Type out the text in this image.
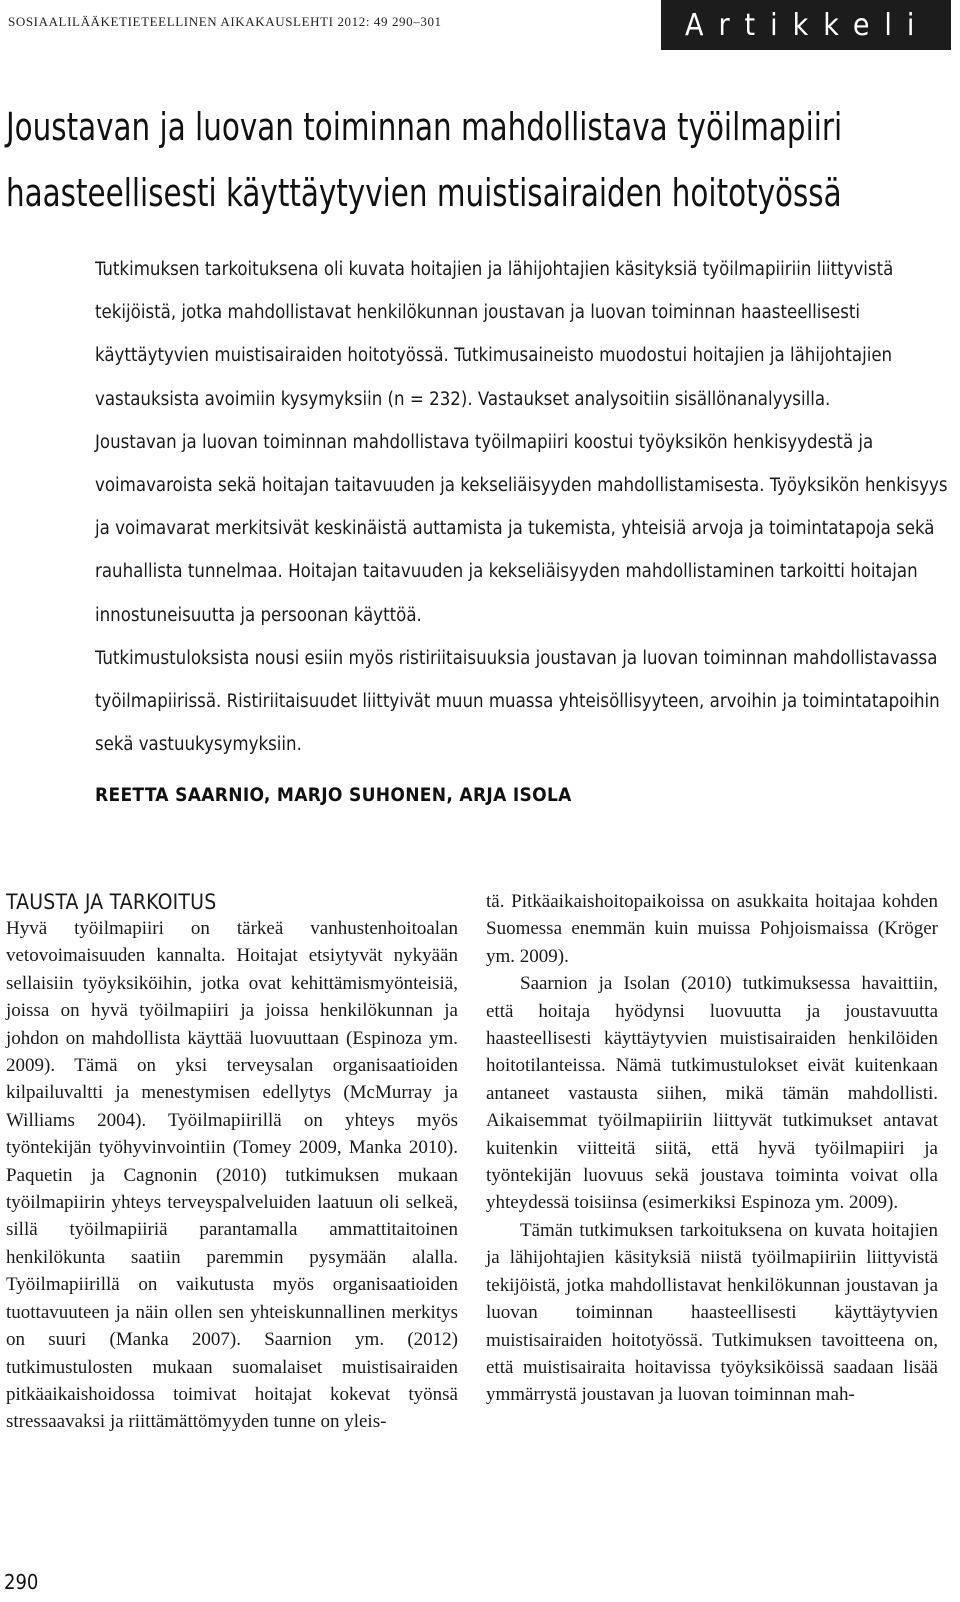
SOSIAALILÄÄKETIETEELLINEN AIKAKAUSLEHTI 2012: 49 290–301	Artikkeli
Joustavan ja luovan toiminnan mahdollistava työilmapiiri haasteellisesti käyttäytyvien muistisairaiden hoitotyössä

Tutkimuksen tarkoituksena oli kuvata hoitajien ja lähijohtajien käsityksiä työilmapiiriin liittyvistä tekijöistä, jotka mahdollistavat henkilökunnan joustavan ja luovan toiminnan haasteellisesti käyttäytyvien muistisairaiden hoitotyössä. Tutkimusaineisto muodostui hoitajien ja lähijohtajien vastauksista avoimiin kysymyksiin (n = 232). Vastaukset analysoitiin sisällönanalyysilla.

Joustavan ja luovan toiminnan mahdollistava työilmapiiri koostui työyksikön henkisyydestä ja voimavaroista sekä hoitajan taitavuuden ja kekseliäisyyden mahdollistamisesta. Työyksikön henkisyys ja voimavarat merkitsivät keskinäistä auttamista ja tukemista, yhteisiä arvoja ja toimintatapoja sekä rauhallista tunnelmaa. Hoitajan taitavuuden ja kekseliäisyyden mahdollistaminen tarkoitti hoitajan innostuneisuutta ja persoonan käyttöä.

Tutkimustuloksista nousi esiin myös ristiriitaisuuksia joustavan ja luovan toiminnan mahdollistavassa työilmapiirissä. Ristiriitaisuudet liittyivät muun muassa yhteisöllisyyteen, arvoihin ja toimintatapoihin sekä vastuukysymyksiin.

REETTA SAARNIO, MARJO SUHONEN, ARJA ISOLA
TAUSTA JA TARKOITUS

Hyvä työilmapiiri on tärkeä vanhustenhoitoalan vetovoimaisuuden kannalta. Hoitajat etsiytyvät nykyään sellaisiin työyksiköihin, jotka ovat kehittämismyönteisiä, joissa on hyvä työilmapiiri ja joissa henkilökunnan ja johdon on mahdollista käyttää luovuuttaan (Espinoza ym. 2009). Tämä on yksi terveysalan organisaatioiden kilpailuvaltti ja menestymisen edellytys (McMurray ja Williams 2004). Työilmapiirillä on yhteys myös työntekijän työhyvinvointiin (Tomey 2009, Manka 2010). Paquetin ja Cagnonin (2010) tutkimuksen mukaan työilmapiirin yhteys terveyspalveluiden laatuun oli selkeä, sillä työilmapiiriä parantamalla ammattitaitoinen henkilökunta saatiin paremmin pysymään alalla. Työilmapiirillä on vaikutusta myös organisaatioiden tuottavuuteen ja näin ollen sen yhteiskunnallinen merkitys on suuri (Manka 2007). Saarnion ym. (2012) tutkimustulosten mukaan suomalaiset muistisairaiden pitkäaikaishoidossa toimivat hoitajat kokevat työnsä stressaavaksi ja riittämättömyyden tunne on yleis-

tä. Pitkäaikaishoitopaikoissa on asukkaita hoitajaa kohden Suomessa enemmän kuin muissa Pohjoismaissa (Kröger ym. 2009).

Saarnion ja Isolan (2010) tutkimuksessa havaittiin, että hoitaja hyödynsi luovuutta ja joustavuutta haasteellisesti käyttäytyvien muistisairaiden henkilöiden hoitotilanteissa. Nämä tutkimustulokset eivät kuitenkaan antaneet vastausta siihen, mikä tämän mahdollisti. Aikaisemmat työilmapiiriin liittyvät tutkimukset antavat kuitenkin viitteitä siitä, että hyvä työilmapiiri ja työntekijän luovuus sekä joustava toiminta voivat olla yhteydessä toisiinsa (esimerkiksi Espinoza ym. 2009).

Tämän tutkimuksen tarkoituksena on kuvata hoitajien ja lähijohtajien käsityksiä niistä työilmapiiriin liittyvistä tekijöistä, jotka mahdollistavat henkilökunnan joustavan ja luovan toiminnan haasteellisesti käyttäytyvien muistisairaiden hoitotyössä. Tutkimuksen tavoitteena on, että muistisairaita hoitavissa työyksiköissä saadaan lisää ymmärrystä joustavan ja luovan toiminnan mah-

290
